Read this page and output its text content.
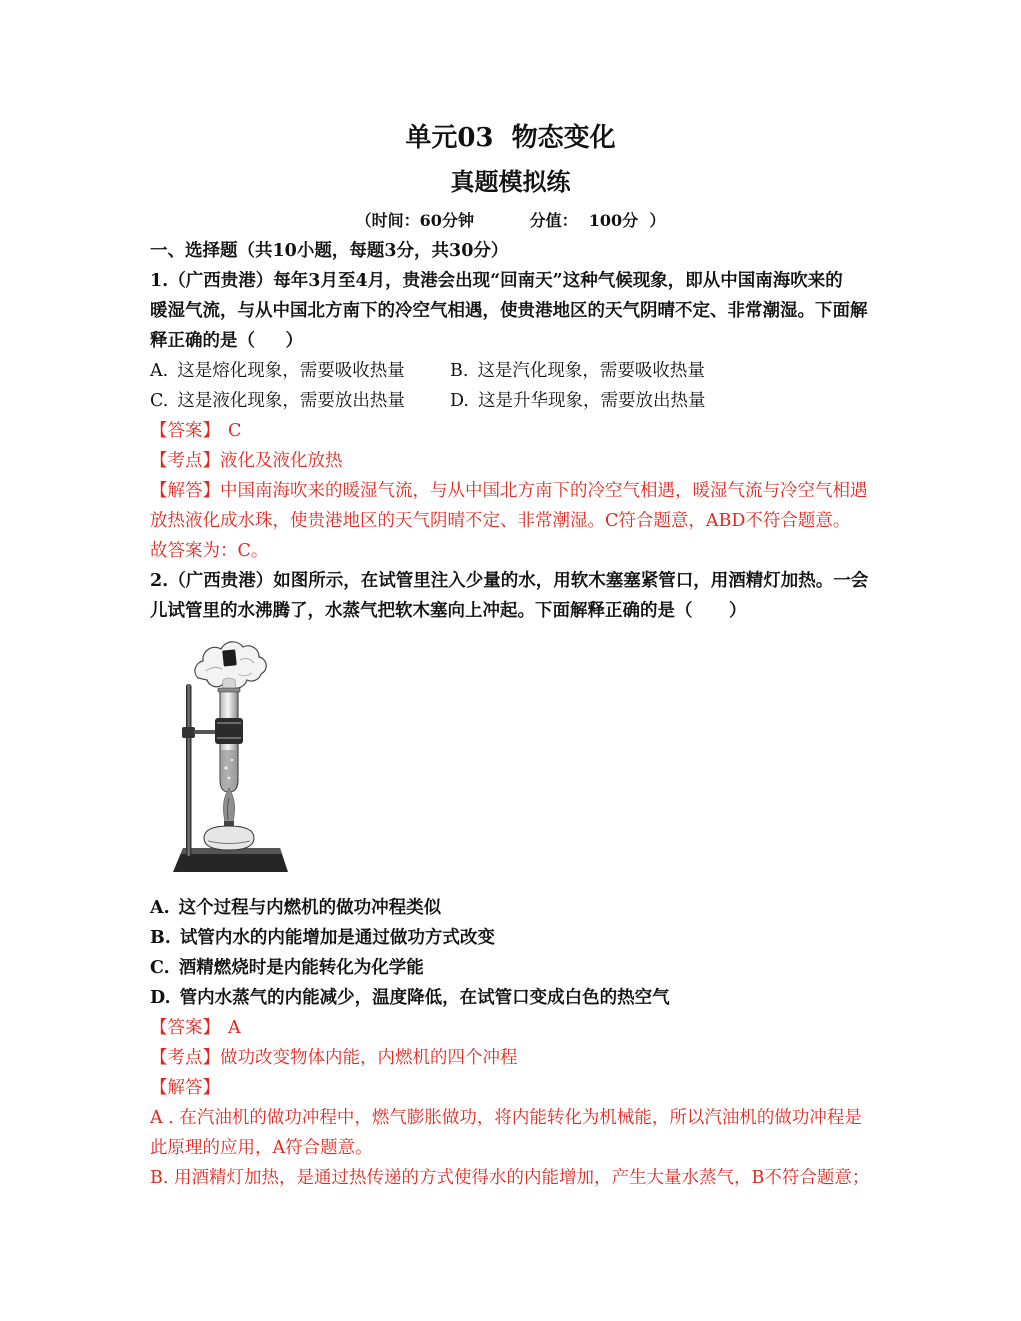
单元03  物态变化
真题模拟练
（时间：60分钟          分值：  100分  ）
一、选择题（共10小题，每题3分，共30分）
1.（广西贵港）每年3月至4月，贵港会出现“回南天”这种气候现象，即从中国南海吹来的
暖湿气流，与从中国北方南下的冷空气相遇，使贵港地区的天气阴晴不定、非常潮湿。下面解
释正确的是（     ）

A. 这是熔化现象，需要吸收热量

	B. 这是汽化现象，需要吸收热量

C. 这是液化现象，需要放出热量

	D. 这是升华现象，需要放出热量

【答案】 C
【考点】液化及液化放热
【解答】中国南海吹来的暖湿气流，与从中国北方南下的冷空气相遇，暖湿气流与冷空气相遇
放热液化成水珠，使贵港地区的天气阴晴不定、非常潮湿。C符合题意，ABD不符合题意。
故答案为：C。
2.（广西贵港）如图所示，在试管里注入少量的水，用软木塞塞紧管口，用酒精灯加热。一会
儿试管里的水沸腾了，水蒸气把软木塞向上冲起。下面解释正确的是（      ）
A. 这个过程与内燃机的做功冲程类似
B. 试管内水的内能增加是通过做功方式改变
C. 酒精燃烧时是内能转化为化学能
D. 管内水蒸气的内能减少，温度降低，在试管口变成白色的热空气
【答案】 A
【考点】做功改变物体内能，内燃机的四个冲程
【解答】
A . 在汽油机的做功冲程中，燃气膨胀做功，将内能转化为机械能，所以汽油机的做功冲程是
此原理的应用，A符合题意。
B. 用酒精灯加热，是通过热传递的方式使得水的内能增加，产生大量水蒸气，B不符合题意；
